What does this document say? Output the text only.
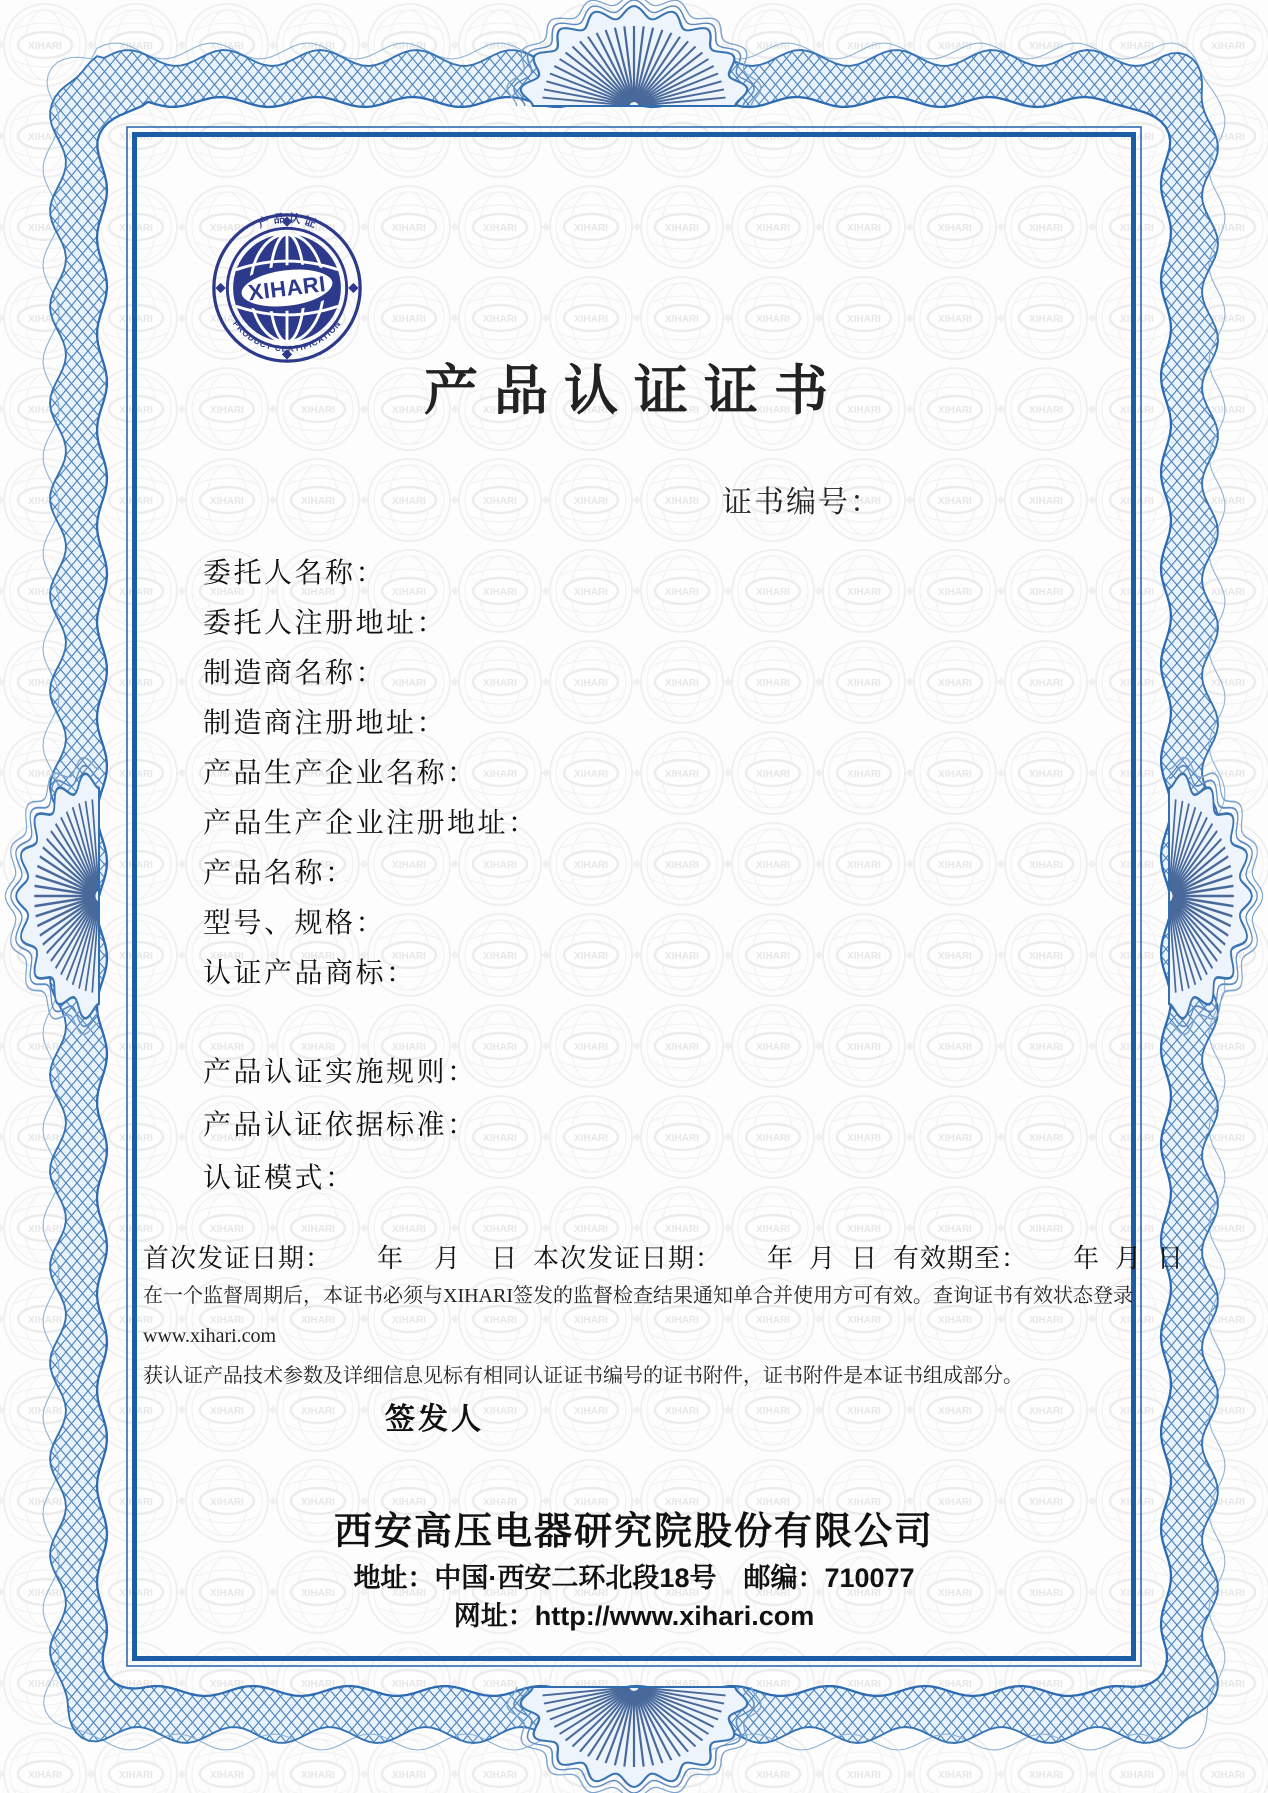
XIHARI
产 品 认 证
PRODUCT CERTIFICATION
产品认证证书
证书编号：
委托人名称：
委托人注册地址：
制造商名称：
制造商注册地址：
产品生产企业名称：
产品生产企业注册地址：
产品名称：
型号、规格：
认证产品商标：
产品认证实施规则：
产品认证依据标准：
认证模式：
首次发证日期：      年    月    日  本次发证日期：      年  月  日  有效期至：      年  月  日
在一个监督周期后，本证书必须与XIHARI签发的监督检查结果通知单合并使用方可有效。查询证书有效状态登录www.xihari.com
获认证产品技术参数及详细信息见标有相同认证证书编号的证书附件，证书附件是本证书组成部分。
签发人
西安高压电器研究院股份有限公司
地址：中国·西安二环北段18号　邮编：710077
网址：http://www.xihari.com
